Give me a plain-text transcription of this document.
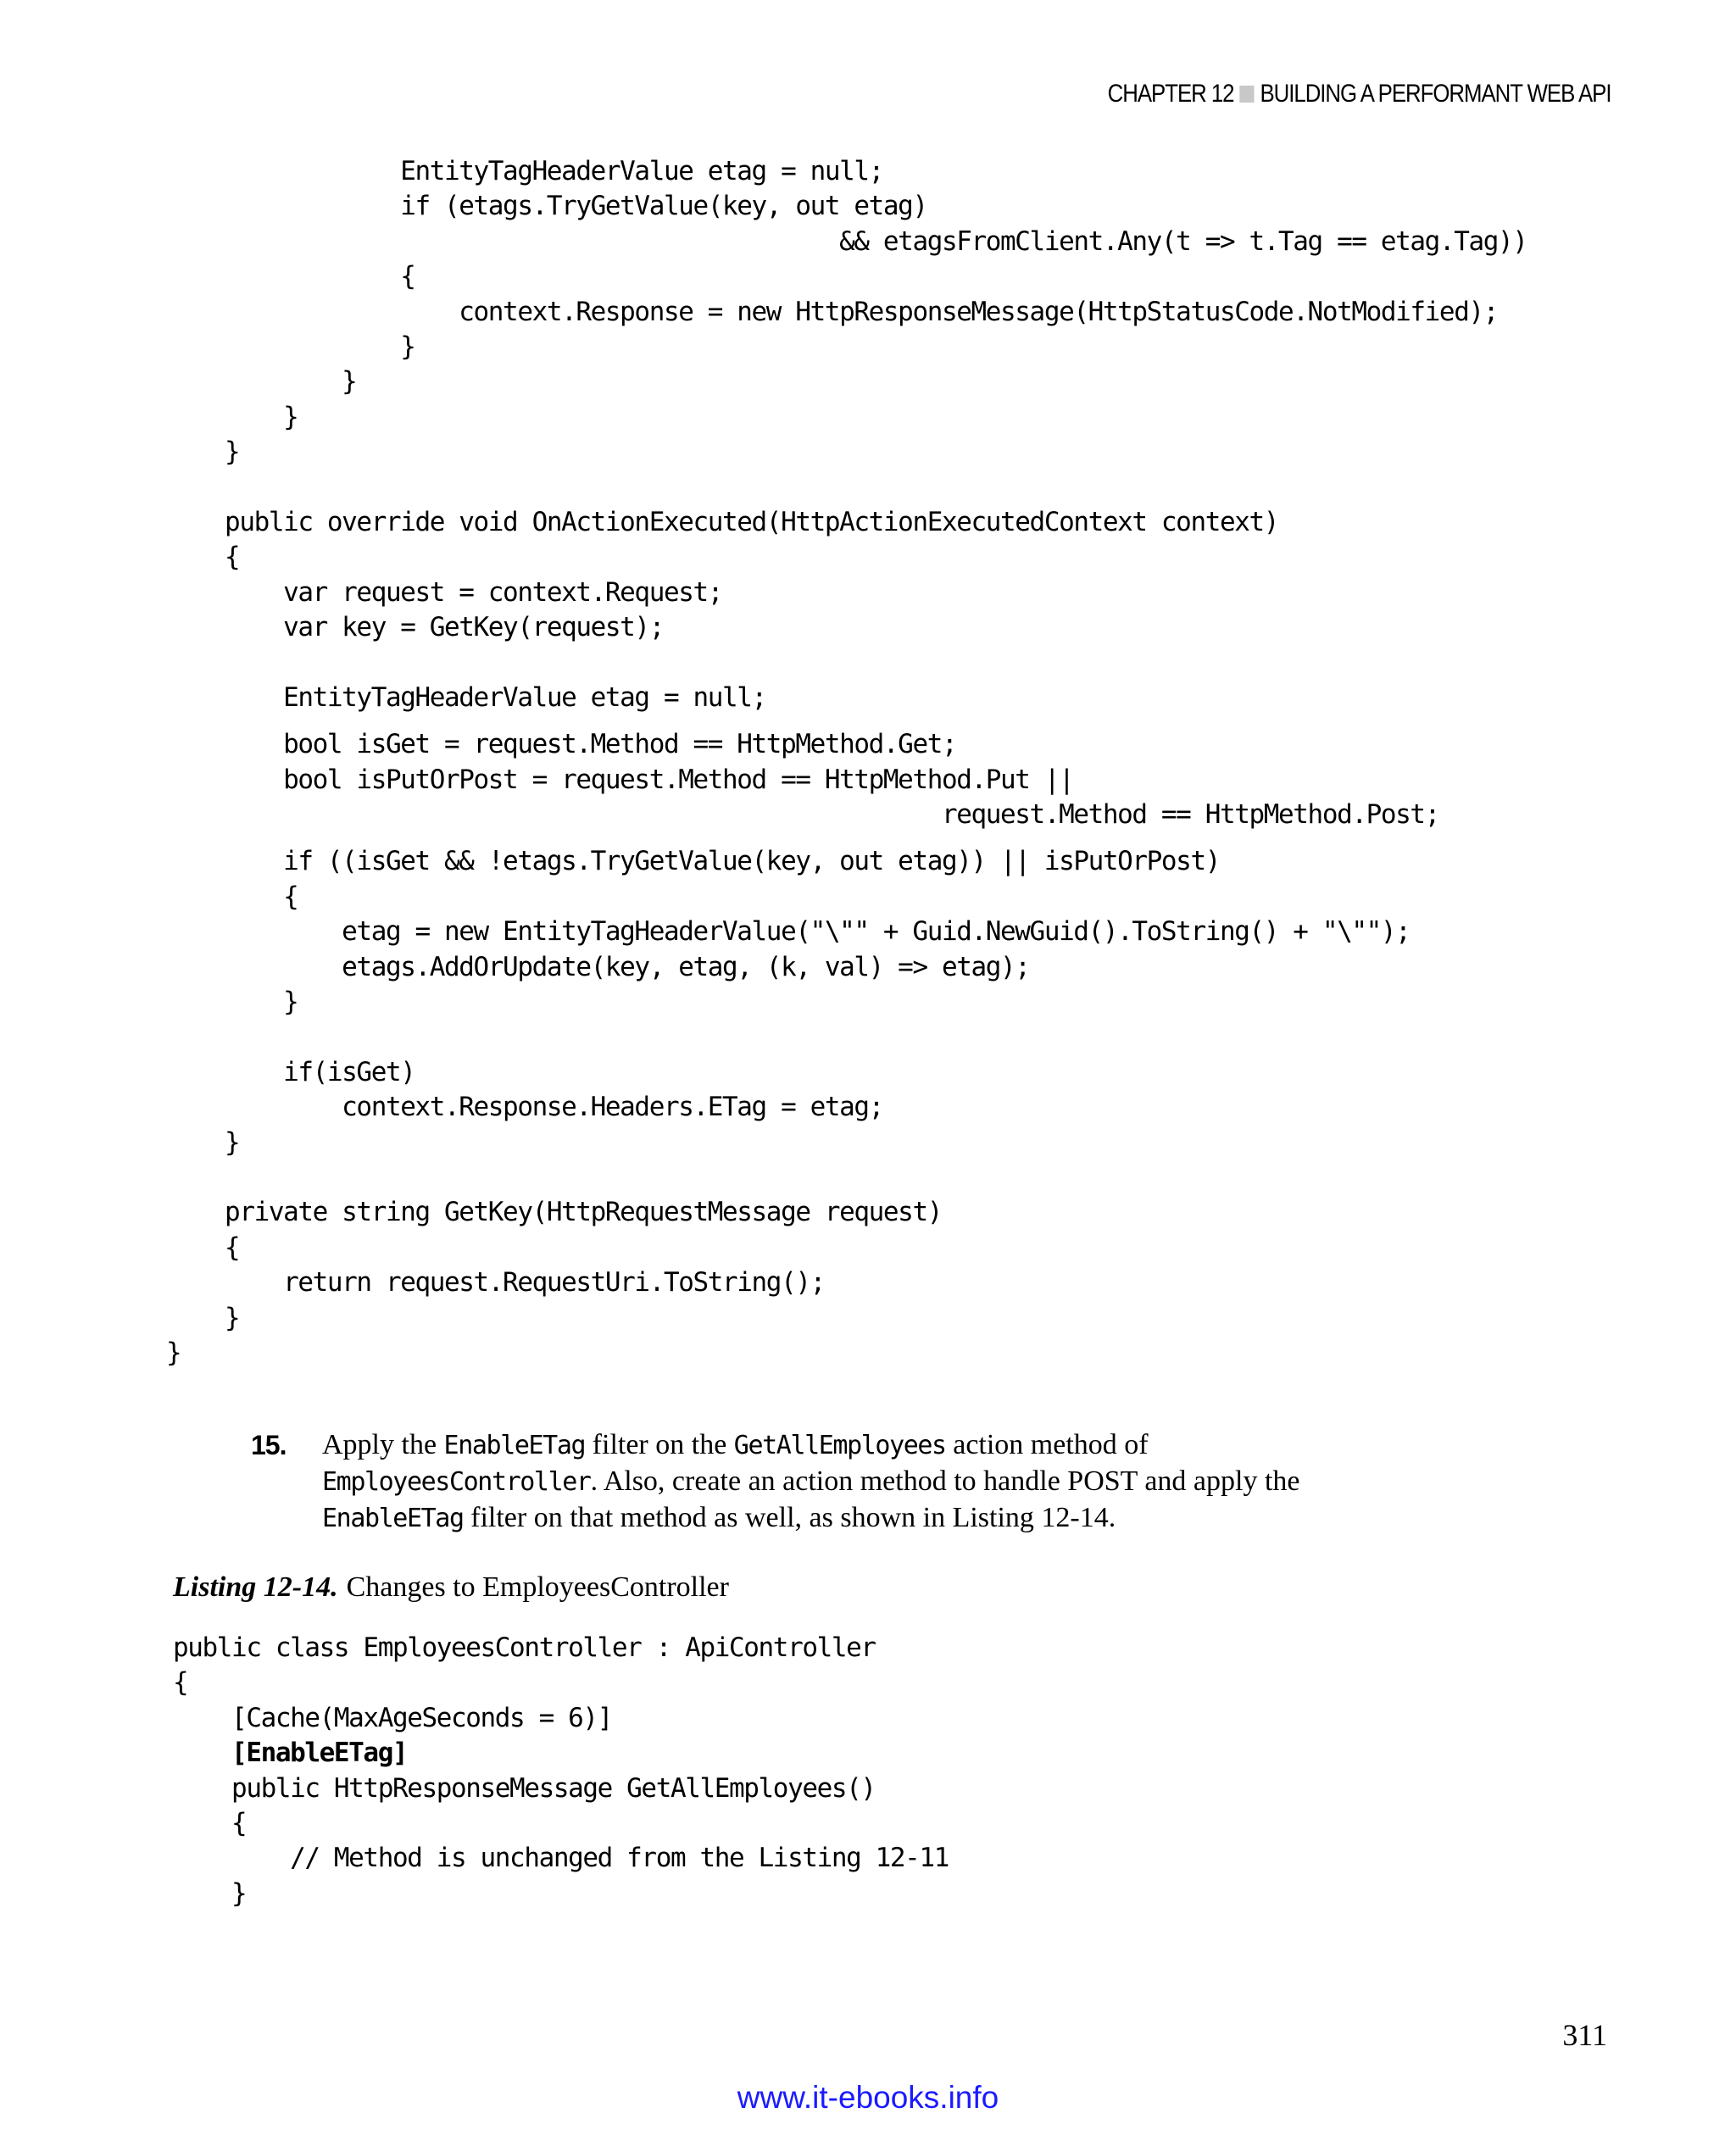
CHAPTER 12 BUILDING A PERFORMANT WEB API
EntityTagHeaderValue etag = null;
if (etags.TryGetValue(key, out etag)
&& etagsFromClient.Any(t => t.Tag == etag.Tag))
{
context.Response = new HttpResponseMessage(HttpStatusCode.NotModified);
}
}
}
}
public override void OnActionExecuted(HttpActionExecutedContext context)
{
var request = context.Request;
var key = GetKey(request);
EntityTagHeaderValue etag = null;
bool isGet = request.Method == HttpMethod.Get;
bool isPutOrPost = request.Method == HttpMethod.Put ||
request.Method == HttpMethod.Post;
if ((isGet && !etags.TryGetValue(key, out etag)) || isPutOrPost)
{
etag = new EntityTagHeaderValue("\"" + Guid.NewGuid().ToString() + "\"");
etags.AddOrUpdate(key, etag, (k, val) => etag);
}
if(isGet)
context.Response.Headers.ETag = etag;
}
private string GetKey(HttpRequestMessage request)
{
return request.RequestUri.ToString();
}
}
15. Apply the EnableETag filter on the GetAllEmployees action method of
EmployeesController. Also, create an action method to handle POST and apply the
EnableETag filter on that method as well, as shown in Listing 12-14.
Listing 12-14. Changes to EmployeesController
public class EmployeesController : ApiController
{
[Cache(MaxAgeSeconds = 6)]
[EnableETag]
public HttpResponseMessage GetAllEmployees()
{
// Method is unchanged from the Listing 12-11
}
311
www.it-ebooks.info
